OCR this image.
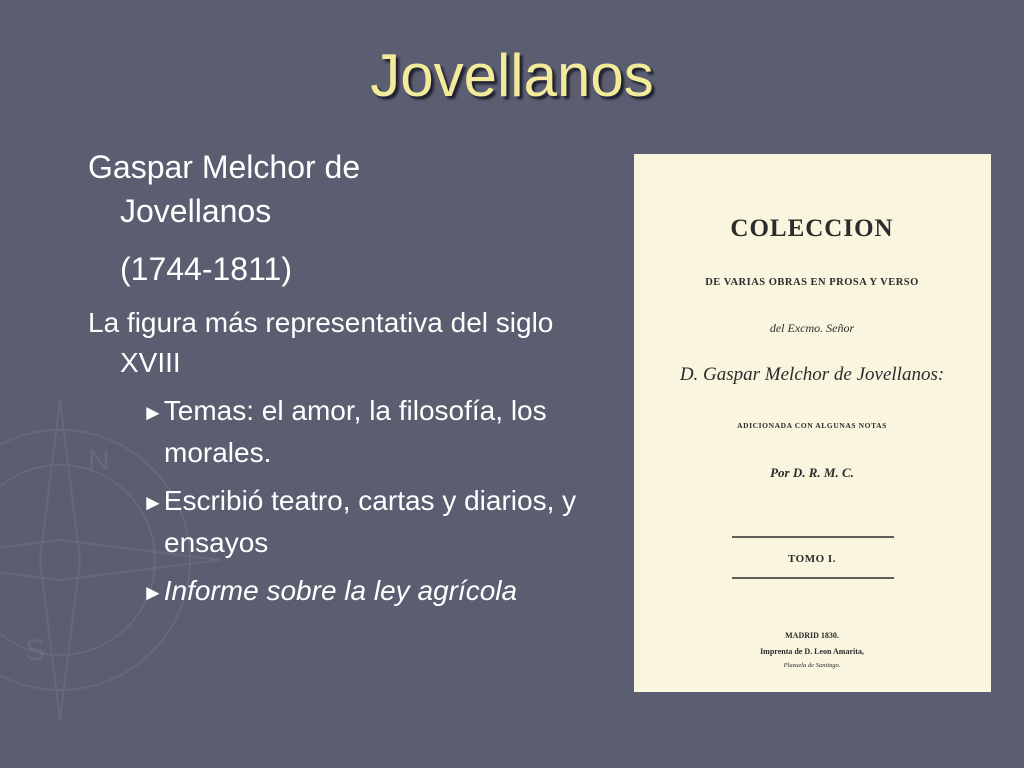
N
S
Jovellanos

Gaspar Melchor de
Jovellanos

(1744-1811)

La figura más representativa del siglo XVIII

►Temas: el amor, la filosofía, los morales.
►Escribió teatro, cartas y diarios, y ensayos
►Informe sobre la ley agrícola
COLECCION
DE VARIAS OBRAS EN PROSA Y VERSO
del Excmo. Señor
D. Gaspar Melchor de Jovellanos:
ADICIONADA CON ALGUNAS NOTAS
Por D. R. M. C.
TOMO I.
MADRID 1830.
Imprenta de D. Leon Amarita,
Plazuela de Santiago.
